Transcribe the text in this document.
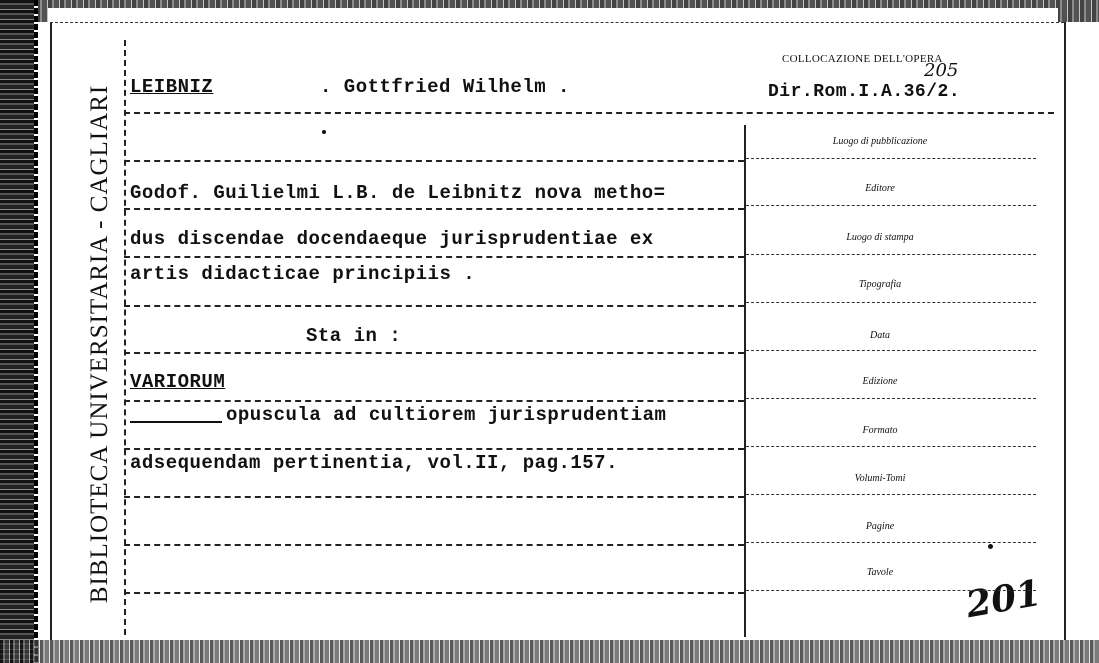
BIBLIOTECA UNIVERSITARIA - CAGLIARI
COLLOCAZIONE DELL'OPERA
Dir.Rom.I.A.36/2.
205
Luogo di pubblicazione
Editore
Luogo di stampa
Tipografia
Data
Edizione
Formato
Volumi-Tomi
Pagine
Tavole	201
LEIBNIZ	. Gottfried Wilhelm .
Godof. Guilielmi L.B. de Leibnitz nova metho=
dus discendae docendaeque jurisprudentiae ex
artis didacticae principiis .
Sta in :
VARIORUM
opuscula ad cultiorem jurisprudentiam
adsequendam pertinentia, vol.II, pag.157.
